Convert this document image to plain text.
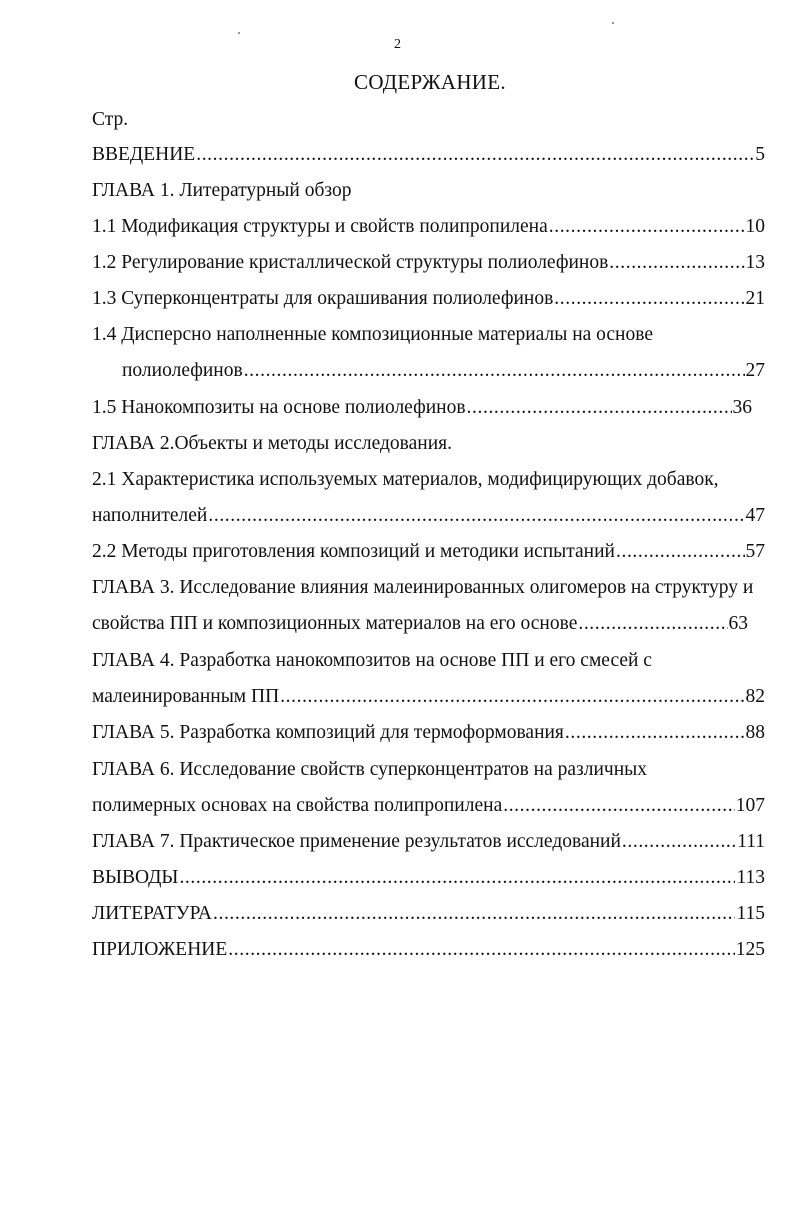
2
СОДЕРЖАНИЕ.
Стр.
ВВЕДЕНИЕ .....	5
ГЛАВА 1. Литературный обзор
1.1 Модификация структуры и свойств полипропилена .....	10
1.2 Регулирование кристаллической структуры полиолефинов .....	13
1.3 Суперконцентраты для окрашивания полиолефинов .....	21
1.4 Дисперсно наполненные композиционные материалы на основе
полиолефинов .....	27
1.5 Нанокомпозиты на основе полиолефинов .....	36
ГЛАВА 2.Объекты и методы исследования.
2.1 Характеристика используемых материалов, модифицирующих добавок,
наполнителей .....	47
2.2 Методы приготовления композиций и методики испытаний .....	57
ГЛАВА 3. Исследование влияния малеинированных олигомеров на структуру и
свойства ПП и композиционных материалов на его основе .....	63
ГЛАВА 4. Разработка нанокомпозитов на основе ПП и его смесей с
малеинированным ПП .....	82
ГЛАВА 5. Разработка композиций для термоформования .....	88
ГЛАВА 6. Исследование свойств суперконцентратов на различных
полимерных основах на свойства полипропилена .....	107
ГЛАВА 7. Практическое применение результатов исследований .....	111
ВЫВОДЫ .....	113
ЛИТЕРАТУРА .....	115
ПРИЛОЖЕНИЕ .....	125
